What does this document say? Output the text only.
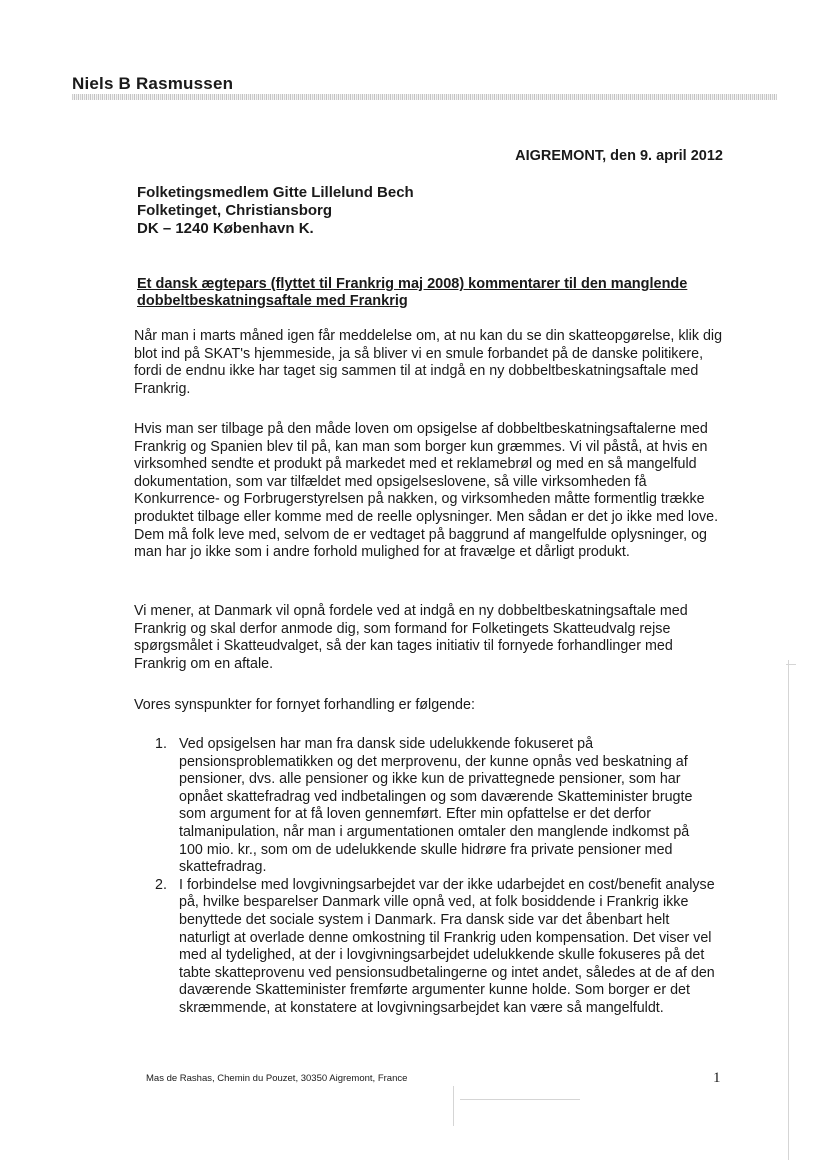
Niels B Rasmussen
AIGREMONT, den 9. april 2012
Folketingsmedlem Gitte Lillelund Bech
Folketinget, Christiansborg
DK – 1240 København K.
Et dansk ægtepars (flyttet til Frankrig maj 2008) kommentarer til den manglende dobbeltbeskatningsaftale med Frankrig

Når man i marts måned igen får meddelelse om, at nu kan du se din skatteopgørelse, klik dig blot ind på SKAT's hjemmeside, ja så bliver vi en smule forbandet på de danske politikere, fordi de endnu ikke har taget sig sammen til at indgå en ny dobbeltbeskatningsaftale med Frankrig.

Hvis man ser tilbage på den måde loven om opsigelse af dobbeltbeskatningsaftalerne med Frankrig og Spanien blev til på, kan man som borger kun græmmes. Vi vil påstå, at hvis en virksomhed sendte et produkt på markedet med et reklamebrøl og med en så mangelfuld dokumentation, som var tilfældet med opsigelseslovene, så ville virksomheden få Konkurrence- og Forbrugerstyrelsen på nakken, og virksomheden måtte formentlig trække produktet tilbage eller komme med de reelle oplysninger. Men sådan er det jo ikke med love. Dem må folk leve med, selvom de er vedtaget på baggrund af mangelfulde oplysninger, og man har jo ikke som i andre forhold mulighed for at fravælge et dårligt produkt.

Vi mener, at Danmark vil opnå fordele ved at indgå en ny dobbeltbeskatningsaftale med Frankrig og skal derfor anmode dig, som formand for Folketingets Skatteudvalg rejse spørgsmålet i Skatteudvalget, så der kan tages initiativ til fornyede forhandlinger med Frankrig om en aftale.

Vores synspunkter for fornyet forhandling er følgende:

1. Ved opsigelsen har man fra dansk side udelukkende fokuseret på pensionsproblematikken og det merprovenu, der kunne opnås ved beskatning af pensioner, dvs. alle pensioner og ikke kun de privattegnede pensioner, som har opnået skattefradrag ved indbetalingen og som daværende Skatteminister brugte som argument for at få loven gennemført. Efter min opfattelse er det derfor talmanipulation, når man i argumentationen omtaler den manglende indkomst på 100 mio. kr., som om de udelukkende skulle hidrøre fra private pensioner med skattefradrag.
2. I forbindelse med lovgivningsarbejdet var der ikke udarbejdet en cost/benefit analyse på, hvilke besparelser Danmark ville opnå ved, at folk bosiddende i Frankrig ikke benyttede det sociale system i Danmark. Fra dansk side var det åbenbart helt naturligt at overlade denne omkostning til Frankrig uden kompensation. Det viser vel med al tydelighed, at der i lovgivningsarbejdet udelukkende skulle fokuseres på det tabte skatteprovenu ved pensionsudbetalingerne og intet andet, således at de af den daværende Skatteminister fremførte argumenter kunne holde. Som borger er det skræmmende, at konstatere at lovgivningsarbejdet kan være så mangelfuldt.
Mas de Rashas, Chemin du Pouzet, 30350 Aigremont, France	1
